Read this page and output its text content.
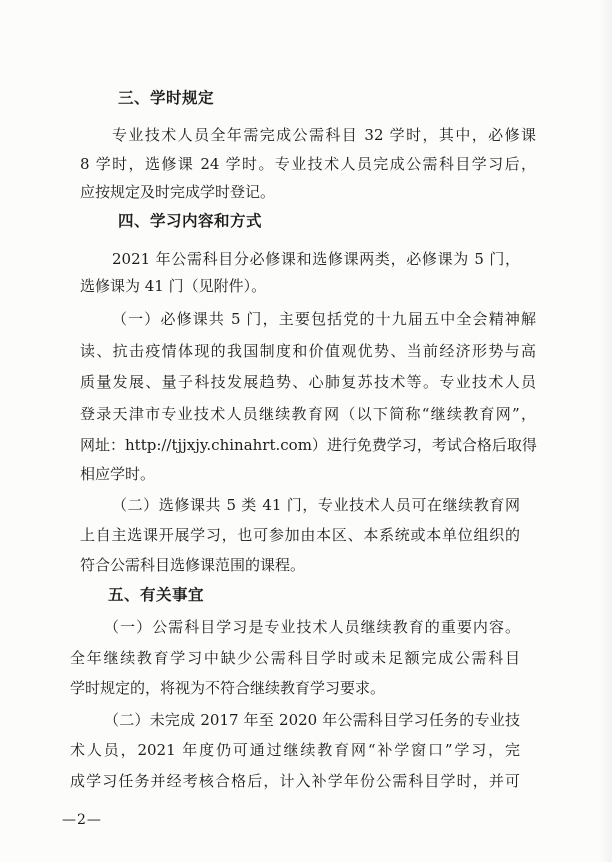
三、学时规定
专业技术人员全年需完成公需科目 32 学时，其中，必修课
8 学时，选修课 24 学时。专业技术人员完成公需科目学习后，
应按规定及时完成学时登记。
四、学习内容和方式
2021 年公需科目分必修课和选修课两类，必修课为 5 门，
选修课为 41 门（见附件）。
（一）必修课共 5 门，主要包括党的十九届五中全会精神解
读、抗击疫情体现的我国制度和价值观优势、当前经济形势与高
质量发展、量子科技发展趋势、心肺复苏技术等。专业技术人员
登录天津市专业技术人员继续教育网（以下简称“继续教育网”，
网址：http://tjjxjy.chinahrt.com）进行免费学习，考试合格后取得
相应学时。
（二）选修课共 5 类 41 门，专业技术人员可在继续教育网
上自主选课开展学习，也可参加由本区、本系统或本单位组织的
符合公需科目选修课范围的课程。
五、有关事宜
（一）公需科目学习是专业技术人员继续教育的重要内容。
全年继续教育学习中缺少公需科目学时或未足额完成公需科目
学时规定的，将视为不符合继续教育学习要求。
（二）未完成 2017 年至 2020 年公需科目学习任务的专业技
术人员，2021 年度仍可通过继续教育网“补学窗口”学习，完
成学习任务并经考核合格后，计入补学年份公需科目学时，并可
—2—
